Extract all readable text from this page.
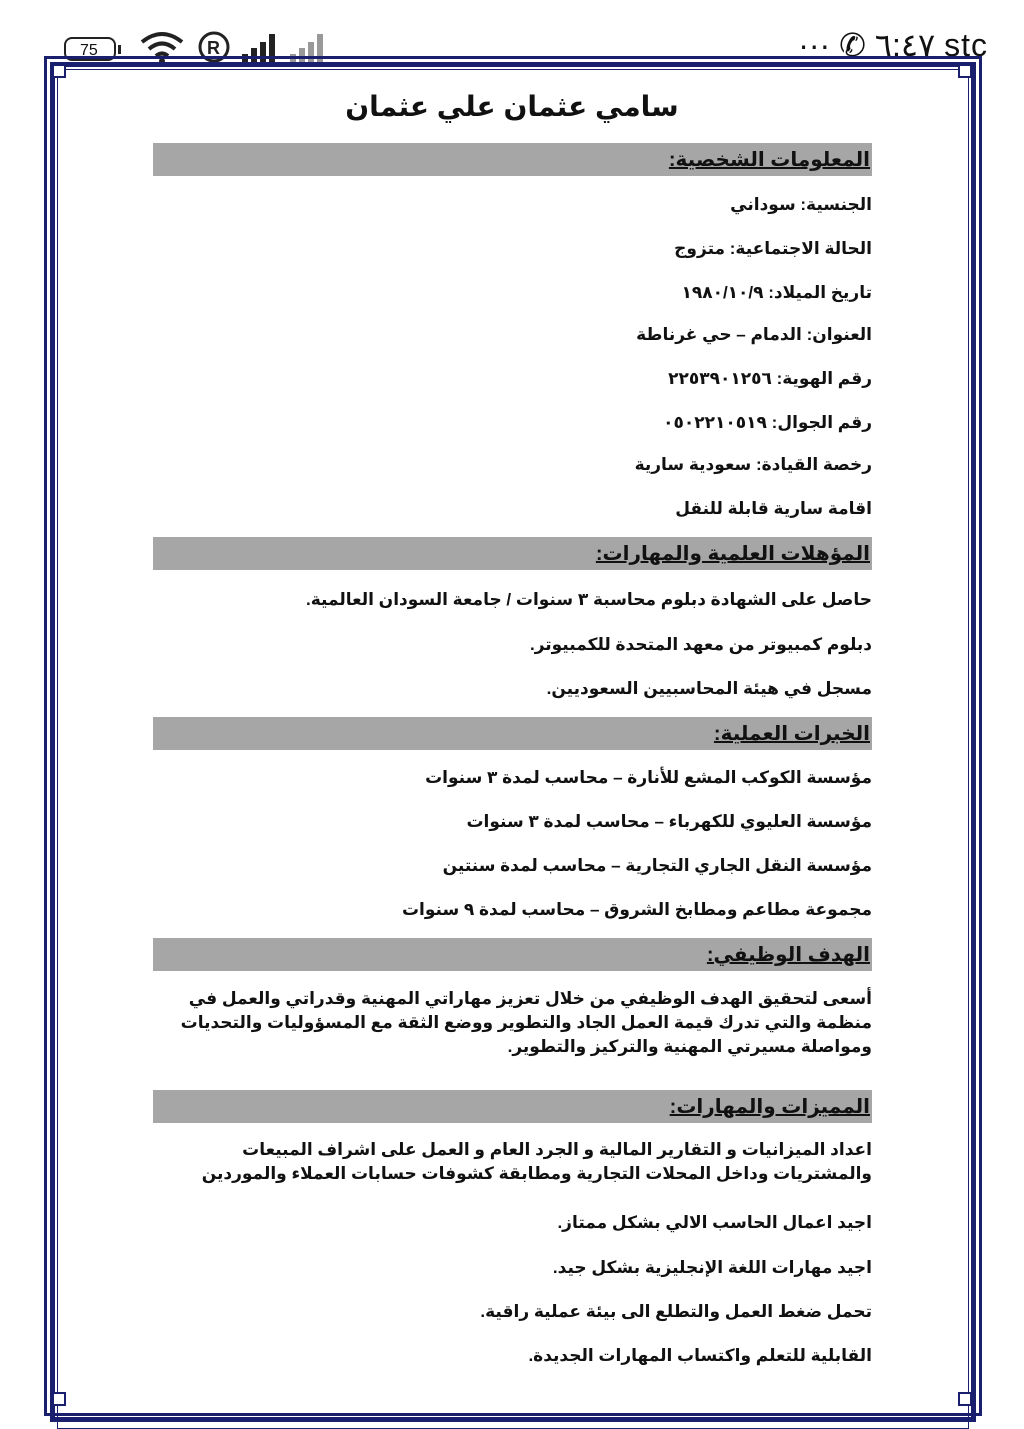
75	R	··· ✆ ٦:٤٧ stc
سامي عثمان علي عثمان
المعلومات الشخصية:
الجنسية: سوداني
الحالة الاجتماعية: متزوج
تاريخ الميلاد: ١٩٨٠/١٠/٩
العنوان: الدمام – حي غرناطة
رقم الهوية: ٢٢٥٣٩٠١٢٥٦
رقم الجوال: ٠٥٠٢٢١٠٥١٩
رخصة القيادة: سعودية سارية
اقامة سارية قابلة للنقل
المؤهلات العلمية والمهارات:
حاصل على الشهادة دبلوم محاسبة ٣ سنوات / جامعة السودان العالمية.
دبلوم كمبيوتر من معهد المتحدة للكمبيوتر.
مسجل في هيئة المحاسبيين السعوديين.
الخبرات العملية:
مؤسسة الكوكب المشع للأنارة – محاسب لمدة ٣ سنوات
مؤسسة العليوي للكهرباء – محاسب لمدة ٣ سنوات
مؤسسة النقل الجاري التجارية – محاسب لمدة سنتين
مجموعة مطاعم ومطابخ الشروق – محاسب لمدة ٩ سنوات
الهدف الوظيفي:
أسعى لتحقيق الهدف الوظيفي من خلال تعزيز مهاراتي المهنية وقدراتي والعمل في منظمة والتي تدرك قيمة العمل الجاد والتطوير ووضع الثقة مع المسؤوليات والتحديات ومواصلة مسيرتي المهنية والتركيز والتطوير.
المميزات والمهارات:
اعداد الميزانيات و التقارير المالية و الجرد العام و العمل على اشراف المبيعات والمشتريات وداخل المحلات التجارية ومطابقة كشوفات حسابات العملاء والموردين
اجيد اعمال الحاسب الالي بشكل ممتاز.
اجيد مهارات اللغة الإنجليزية بشكل جيد.
تحمل ضغط العمل والتطلع الى بيئة عملية راقية.
القابلية للتعلم واكتساب المهارات الجديدة.
